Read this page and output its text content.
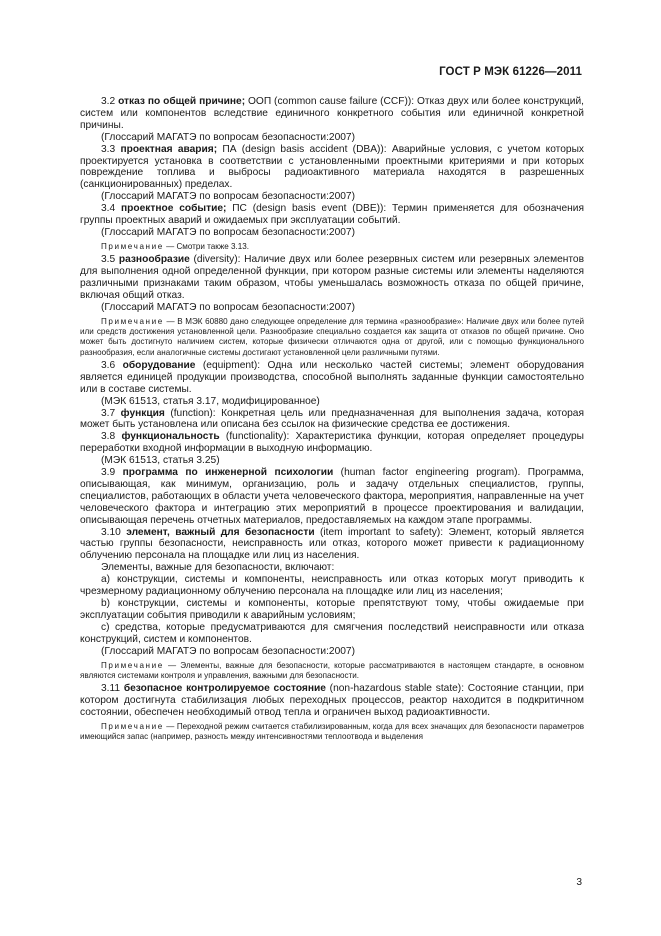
ГОСТ Р МЭК 61226—2011

3.2 отказ по общей причине; ООП (common cause failure (CCF)): Отказ двух или более конструкций, систем или компонентов вследствие единичного конкретного события или единичной конкретной причины.

(Глоссарий МАГАТЭ по вопросам безопасности:2007)

3.3 проектная авария; ПА (design basis accident (DBA)): Аварийные условия, с учетом которых проектируется установка в соответствии с установленными проектными критериями и при которых повреждение топлива и выбросы радиоактивного материала находятся в разрешенных (санкционированных) пределах.

(Глоссарий МАГАТЭ по вопросам безопасности:2007)

3.4 проектное событие; ПС (design basis event (DBE)): Термин применяется для обозначения группы проектных аварий и ожидаемых при эксплуатации событий.

(Глоссарий МАГАТЭ по вопросам безопасности:2007)

Примечание — Смотри также 3.13.

3.5 разнообразие (diversity): Наличие двух или более резервных систем или резервных элементов для выполнения одной определенной функции, при котором разные системы или элементы наделяются различными признаками таким образом, чтобы уменьшалась возможность отказа по общей причине, включая общий отказ.

(Глоссарий МАГАТЭ по вопросам безопасности:2007)

Примечание — В МЭК 60880 дано следующее определение для термина «разнообразие»: Наличие двух или более путей или средств достижения установленной цели. Разнообразие специально создается как защита от отказов по общей причине. Оно может быть достигнуто наличием систем, которые физически отличаются одна от другой, или с помощью функционального разнообразия, если аналогичные системы достигают установленной цели различными путями.

3.6 оборудование (equipment): Одна или несколько частей системы; элемент оборудования является единицей продукции производства, способной выполнять заданные функции самостоятельно или в составе системы.

(МЭК 61513, статья 3.17, модифицированное)

3.7 функция (function): Конкретная цель или предназначенная для выполнения задача, которая может быть установлена или описана без ссылок на физические средства ее достижения.

3.8 функциональность (functionality): Характеристика функции, которая определяет процедуры переработки входной информации в выходную информацию.

(МЭК 61513, статья 3.25)

3.9 программа по инженерной психологии (human factor engineering program). Программа, описывающая, как минимум, организацию, роль и задачу отдельных специалистов, группы, специалистов, работающих в области учета человеческого фактора, мероприятия, направленные на учет человеческого фактора и интеграцию этих мероприятий в процессе проектирования и валидации, описывающая перечень отчетных материалов, предоставляемых на каждом этапе программы.

3.10 элемент, важный для безопасности (item important to safety): Элемент, который является частью группы безопасности, неисправность или отказ, которого может привести к радиационному облучению персонала на площадке или лиц из населения.

Элементы, важные для безопасности, включают:

а) конструкции, системы и компоненты, неисправность или отказ которых могут приводить к чрезмерному радиационному облучению персонала на площадке или лиц из населения;

b) конструкции, системы и компоненты, которые препятствуют тому, чтобы ожидаемые при эксплуатации события приводили к аварийным условиям;

c) средства, которые предусматриваются для смягчения последствий неисправности или отказа конструкций, систем и компонентов.

(Глоссарий МАГАТЭ по вопросам безопасности:2007)

Примечание — Элементы, важные для безопасности, которые рассматриваются в настоящем стандарте, в основном являются системами контроля и управления, важными для безопасности.

3.11 безопасное контролируемое состояние (non-hazardous stable state): Состояние станции, при котором достигнута стабилизация любых переходных процессов, реактор находится в подкритичном состоянии, обеспечен необходимый отвод тепла и ограничен выход радиоактивности.

Примечание — Переходной режим считается стабилизированным, когда для всех значащих для безопасности параметров имеющийся запас (например, разность между интенсивностями теплоотвода и выделения

3
